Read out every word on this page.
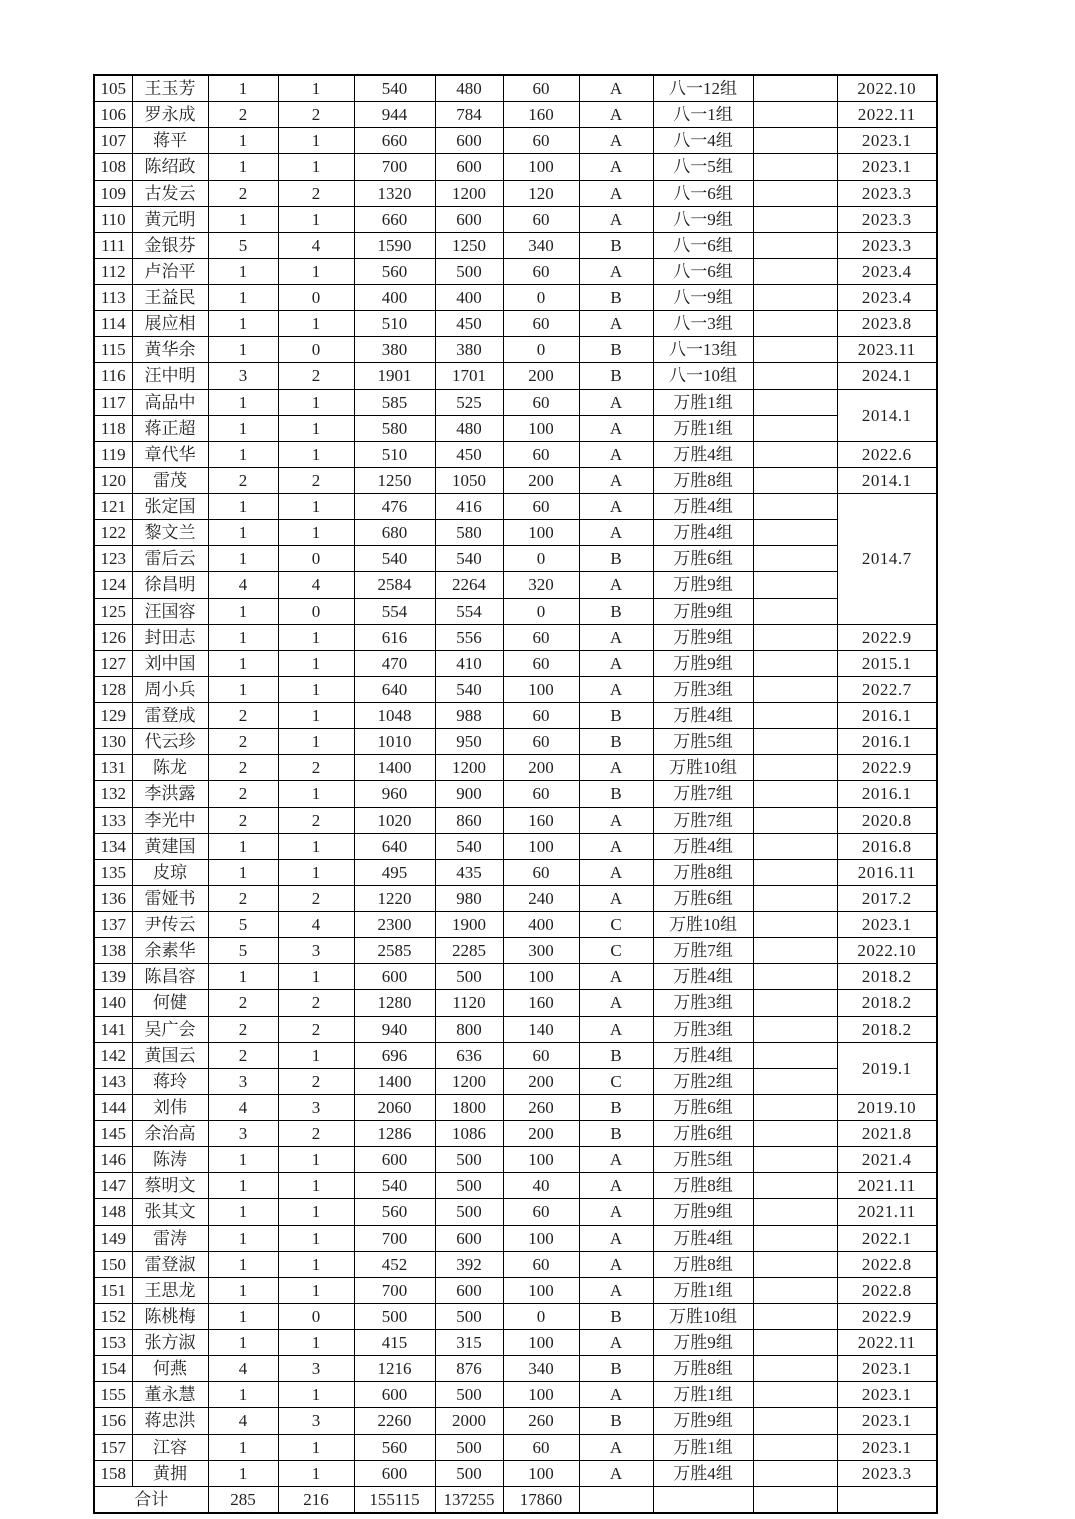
105	王玉芳	1	1	540	480	60	A	八一12组		2022.10
106	罗永成	2	2	944	784	160	A	八一1组		2022.11
107	蒋平	1	1	660	600	60	A	八一4组		2023.1
108	陈绍政	1	1	700	600	100	A	八一5组		2023.1
109	古发云	2	2	1320	1200	120	A	八一6组		2023.3
110	黄元明	1	1	660	600	60	A	八一9组		2023.3
111	金银芬	5	4	1590	1250	340	B	八一6组		2023.3
112	卢治平	1	1	560	500	60	A	八一6组		2023.4
113	王益民	1	0	400	400	0	B	八一9组		2023.4
114	展应相	1	1	510	450	60	A	八一3组		2023.8
115	黄华余	1	0	380	380	0	B	八一13组		2023.11
116	汪中明	3	2	1901	1701	200	B	八一10组		2024.1
117	高品中	1	1	585	525	60	A	万胜1组		2014.1
118	蒋正超	1	1	580	480	100	A	万胜1组		
119	章代华	1	1	510	450	60	A	万胜4组		2022.6
120	雷茂	2	2	1250	1050	200	A	万胜8组		2014.1
121	张定国	1	1	476	416	60	A	万胜4组		2014.7
122	黎文兰	1	1	680	580	100	A	万胜4组		
123	雷后云	1	0	540	540	0	B	万胜6组		
124	徐昌明	4	4	2584	2264	320	A	万胜9组		
125	汪国容	1	0	554	554	0	B	万胜9组		
126	封田志	1	1	616	556	60	A	万胜9组		2022.9
127	刘中国	1	1	470	410	60	A	万胜9组		2015.1
128	周小兵	1	1	640	540	100	A	万胜3组		2022.7
129	雷登成	2	1	1048	988	60	B	万胜4组		2016.1
130	代云珍	2	1	1010	950	60	B	万胜5组		2016.1
131	陈龙	2	2	1400	1200	200	A	万胜10组		2022.9
132	李洪露	2	1	960	900	60	B	万胜7组		2016.1
133	李光中	2	2	1020	860	160	A	万胜7组		2020.8
134	黄建国	1	1	640	540	100	A	万胜4组		2016.8
135	皮琼	1	1	495	435	60	A	万胜8组		2016.11
136	雷娅书	2	2	1220	980	240	A	万胜6组		2017.2
137	尹传云	5	4	2300	1900	400	C	万胜10组		2023.1
138	余素华	5	3	2585	2285	300	C	万胜7组		2022.10
139	陈昌容	1	1	600	500	100	A	万胜4组		2018.2
140	何健	2	2	1280	1120	160	A	万胜3组		2018.2
141	吴广会	2	2	940	800	140	A	万胜3组		2018.2
142	黄国云	2	1	696	636	60	B	万胜4组		2019.1
143	蒋玲	3	2	1400	1200	200	C	万胜2组		
144	刘伟	4	3	2060	1800	260	B	万胜6组		2019.10
145	余治高	3	2	1286	1086	200	B	万胜6组		2021.8
146	陈涛	1	1	600	500	100	A	万胜5组		2021.4
147	蔡明文	1	1	540	500	40	A	万胜8组		2021.11
148	张其文	1	1	560	500	60	A	万胜9组		2021.11
149	雷涛	1	1	700	600	100	A	万胜4组		2022.1
150	雷登淑	1	1	452	392	60	A	万胜8组		2022.8
151	王思龙	1	1	700	600	100	A	万胜1组		2022.8
152	陈桃梅	1	0	500	500	0	B	万胜10组		2022.9
153	张方淑	1	1	415	315	100	A	万胜9组		2022.11
154	何燕	4	3	1216	876	340	B	万胜8组		2023.1
155	董永慧	1	1	600	500	100	A	万胜1组		2023.1
156	蒋忠洪	4	3	2260	2000	260	B	万胜9组		2023.1
157	江容	1	1	560	500	60	A	万胜1组		2023.1
158	黄拥	1	1	600	500	100	A	万胜4组		2023.3
合计		285	216	155115	137255	17860				
